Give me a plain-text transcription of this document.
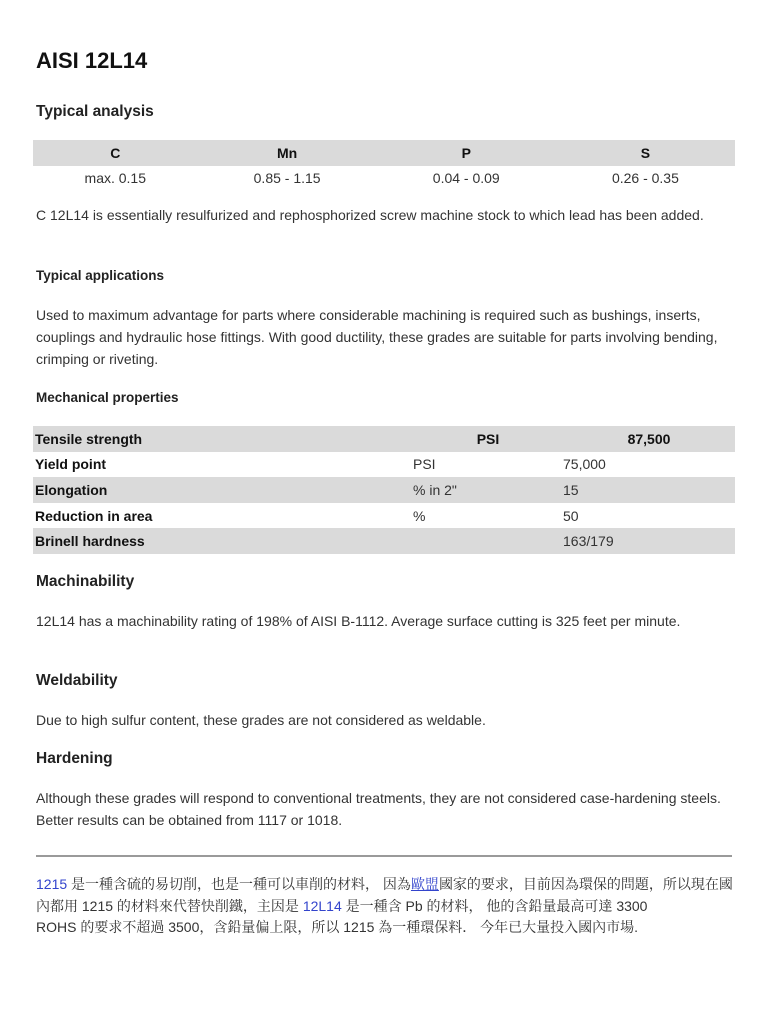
AISI 12L14
Typical analysis
C	Mn	P	S
max. 0.15	0.85 - 1.15	0.04 - 0.09	0.26 - 0.35

C 12L14 is essentially resulfurized and rephosphorized screw machine stock to which lead has been added.

Typical applications

Used to maximum advantage for parts where considerable machining is required such as bushings, inserts, couplings and hydraulic hose fittings. With good ductility, these grades are suitable for parts involving bending, crimping or riveting.

Mechanical properties
Tensile strength	PSI	87,500
Yield point	PSI	75,000
Elongation	% in 2"	15
Reduction in area	%	50
Brinell hardness		163/179
Machinability

12L14 has a machinability rating of 198% of AISI B-1112. Average surface cutting is 325 feet per minute.

Weldability

Due to high sulfur content, these grades are not considered as weldable.

Hardening

Although these grades will respond to conventional treatments, they are not considered case-hardening steels. Better results can be obtained from 1117 or 1018.

1215 是一種含硫的易切削，也是一種可以車削的材料， 因為歐盟國家的要求，目前因為環保的問題，所以現在國內都用 1215 的材料來代替快削鐵，主因是 12L14 是一種含 Pb 的材料， 他的含鉛量最高可達 3300
ROHS 的要求不超過 3500，含鉛量偏上限，所以 1215 為一種環保料． 今年已大量投入國內市場.
